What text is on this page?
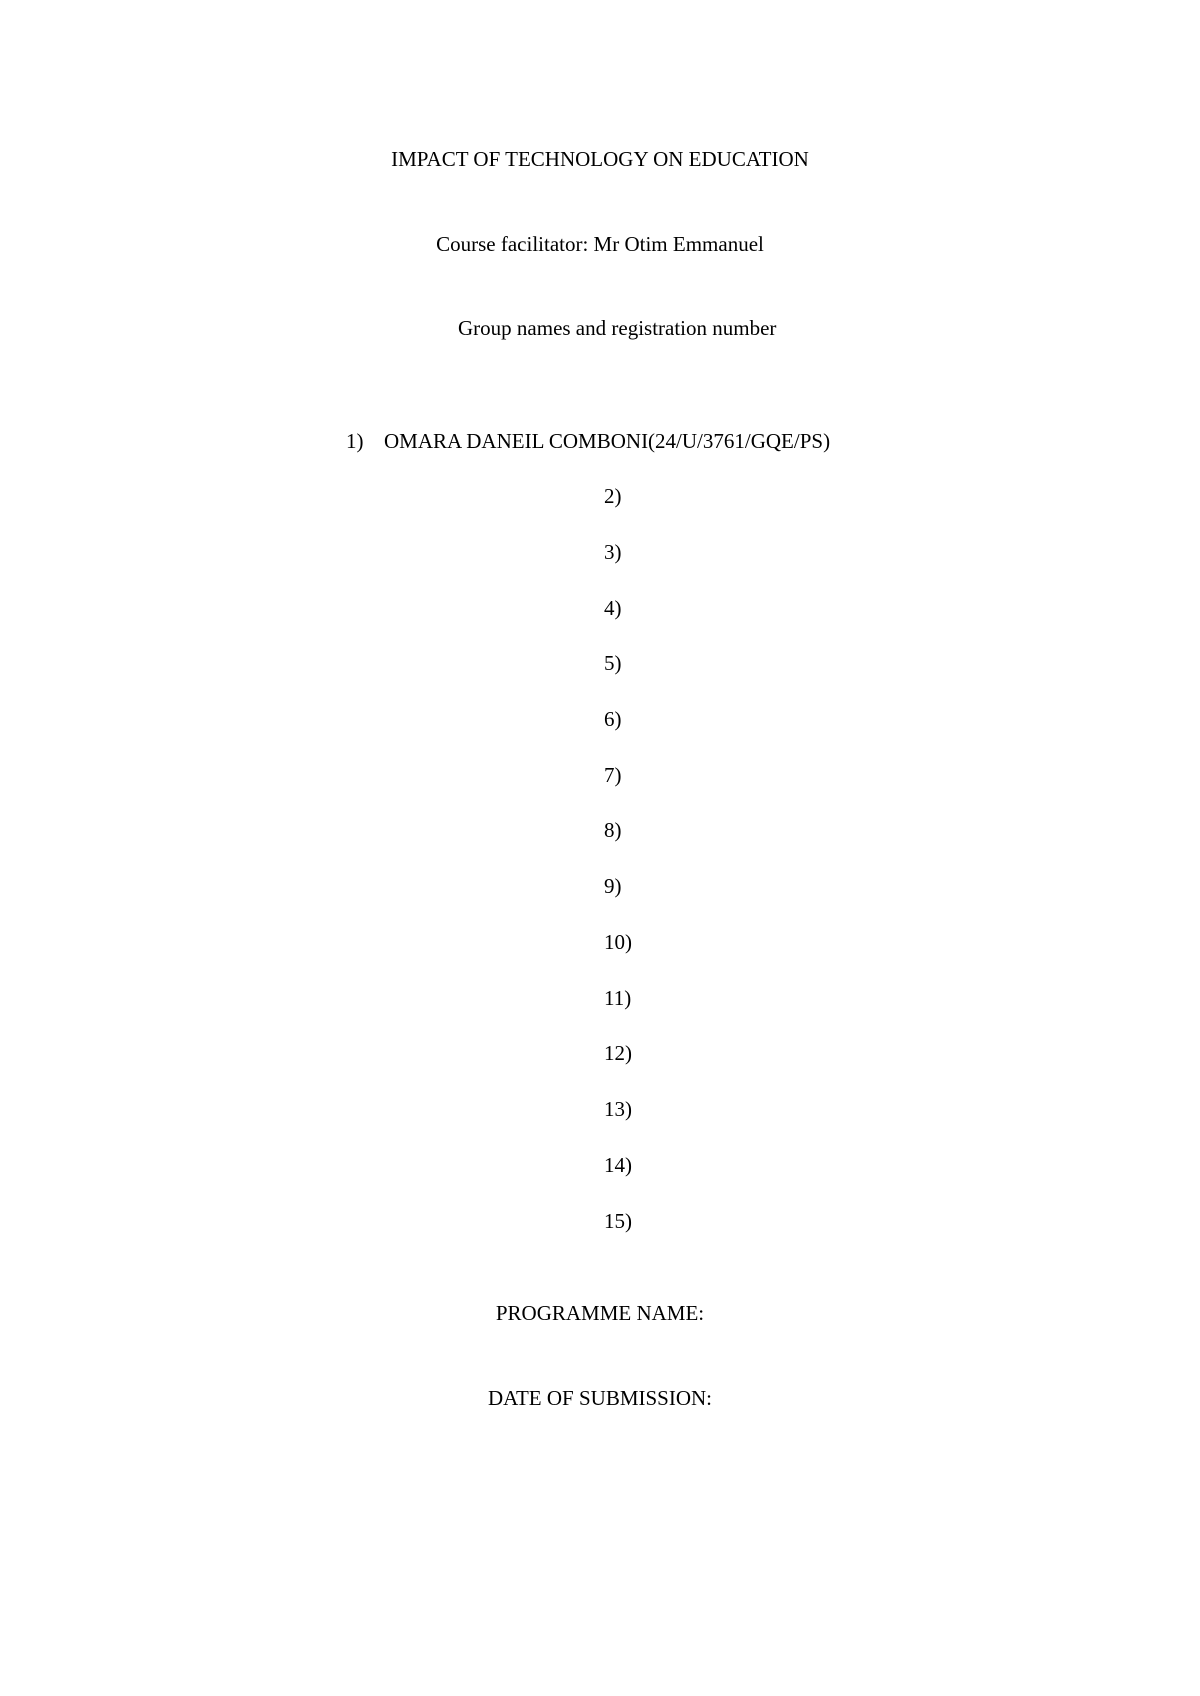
IMPACT OF TECHNOLOGY ON EDUCATION
Course facilitator: Mr Otim Emmanuel
Group names and registration number
1) OMARA DANEIL COMBONI(24/U/3761/GQE/PS)
2)
3)
4)
5)
6)
7)
8)
9)
10)
11)
12)
13)
14)
15)
PROGRAMME NAME:
DATE OF SUBMISSION:
